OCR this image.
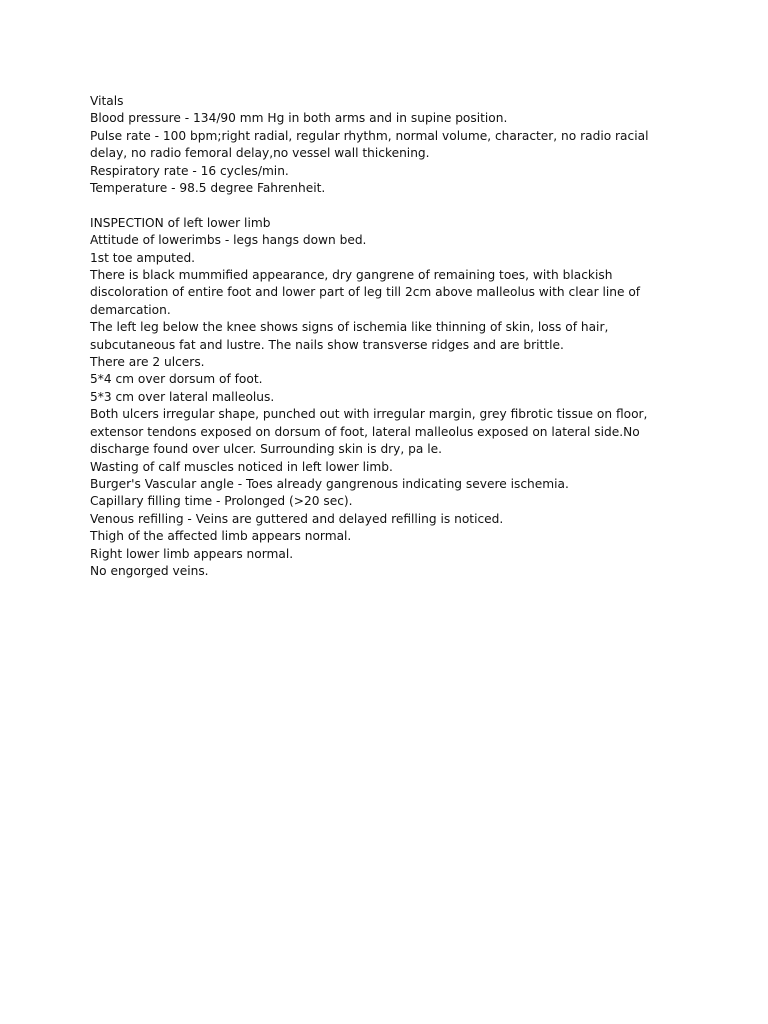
Vitals

Blood pressure - 134/90 mm Hg in both arms and in supine position.

Pulse rate - 100 bpm;right radial, regular rhythm, normal volume, character, no radio racial delay, no radio femoral delay,no vessel wall thickening.

Respiratory rate - 16 cycles/min.

Temperature - 98.5 degree Fahrenheit.

INSPECTION of left lower limb

Attitude of lowerimbs - legs hangs down bed.

1st toe amputed.

There is black mummified appearance, dry gangrene of remaining toes, with blackish discoloration of entire foot and lower part of leg till 2cm above malleolus with clear line of demarcation.

The left leg below the knee shows signs of ischemia like thinning of skin, loss of hair, subcutaneous fat and lustre. The nails show transverse ridges and are brittle.

There are 2 ulcers.

5*4 cm over dorsum of foot.

5*3 cm over lateral malleolus.

Both ulcers irregular shape, punched out with irregular margin, grey fibrotic tissue on floor, extensor tendons exposed on dorsum of foot, lateral malleolus exposed on lateral side.No discharge found over ulcer. Surrounding skin is dry, pa le.

Wasting of calf muscles noticed in left lower limb.

Burger's Vascular angle - Toes already gangrenous indicating severe ischemia.

Capillary filling time - Prolonged (>20 sec).

Venous refilling - Veins are guttered and delayed refilling is noticed.

Thigh of the affected limb appears normal.

Right lower limb appears normal.

No engorged veins.
